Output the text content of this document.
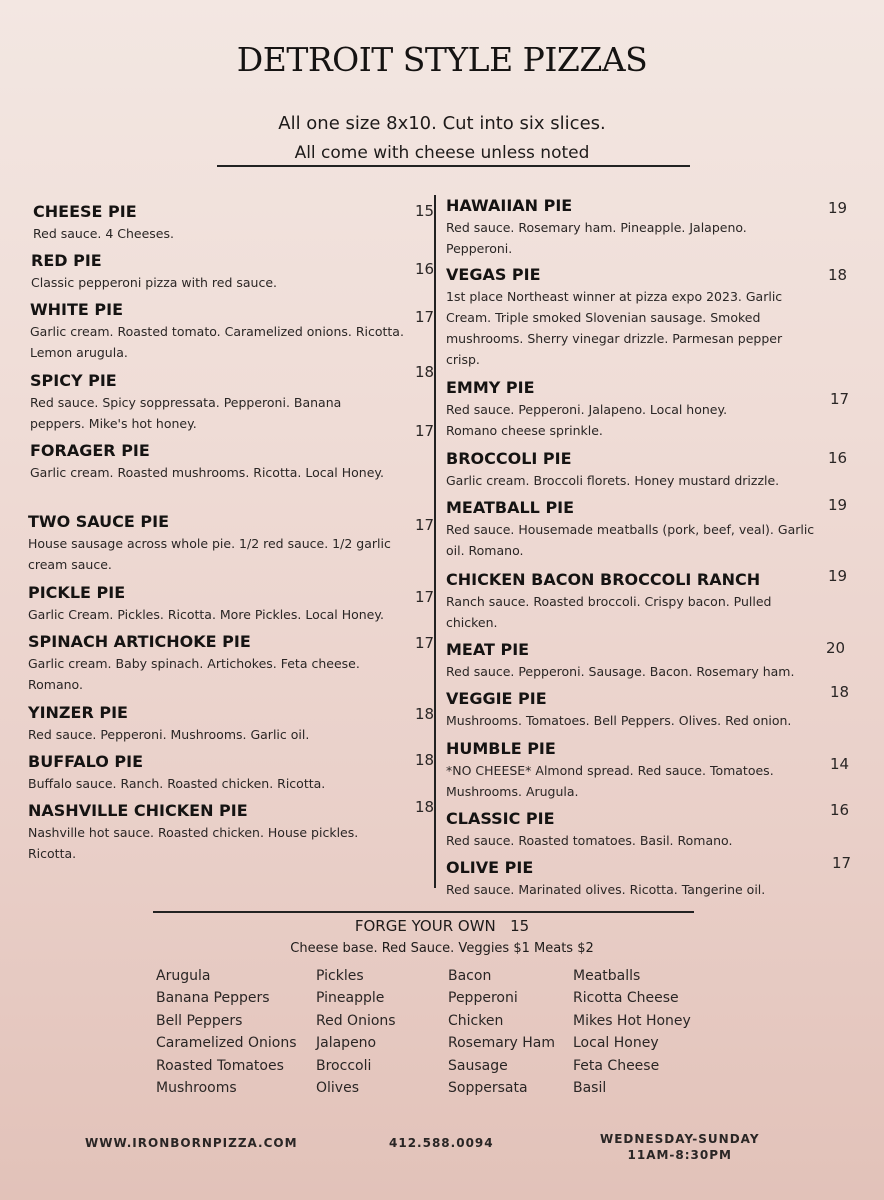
DETROIT STYLE PIZZAS
All one size 8x10. Cut into six slices.
All come with cheese unless noted
CHEESE PIE
Red sauce. 4 Cheeses.
15
RED PIE
Classic pepperoni pizza with red sauce.
16
WHITE PIE
Garlic cream. Roasted tomato. Caramelized onions. Ricotta. Lemon arugula.
17
SPICY PIE
Red sauce. Spicy soppressata. Pepperoni. Banana peppers. Mike's hot honey.
18
FORAGER PIE
Garlic cream. Roasted mushrooms. Ricotta. Local Honey.
17
TWO SAUCE PIE
House sausage across whole pie. 1/2 red sauce. 1/2 garlic cream sauce.
17
PICKLE PIE
Garlic Cream. Pickles. Ricotta. More Pickles. Local Honey.
17
SPINACH ARTICHOKE PIE
Garlic cream. Baby spinach. Artichokes. Feta cheese. Romano.
17
YINZER PIE
Red sauce. Pepperoni. Mushrooms. Garlic oil.
18
BUFFALO PIE
Buffalo sauce. Ranch. Roasted chicken. Ricotta.
18
NASHVILLE CHICKEN PIE
Nashville hot sauce. Roasted chicken. House pickles. Ricotta.
18
HAWAIIAN PIE
Red sauce. Rosemary ham. Pineapple. Jalapeno. Pepperoni.
19
VEGAS PIE
1st place Northeast winner at pizza expo 2023. Garlic Cream. Triple smoked Slovenian sausage. Smoked mushrooms. Sherry vinegar drizzle. Parmesan pepper crisp.
18
EMMY PIE
Red sauce. Pepperoni. Jalapeno. Local honey. Romano cheese sprinkle.
17
BROCCOLI PIE
Garlic cream. Broccoli florets. Honey mustard drizzle.
16
MEATBALL PIE
Red sauce. Housemade meatballs (pork, beef, veal). Garlic oil. Romano.
19
CHICKEN BACON BROCCOLI RANCH
Ranch sauce. Roasted broccoli. Crispy bacon. Pulled chicken.
19
MEAT PIE
Red sauce. Pepperoni. Sausage. Bacon. Rosemary ham.
20
VEGGIE PIE
Mushrooms. Tomatoes. Bell Peppers. Olives. Red onion.
18
HUMBLE PIE
*NO CHEESE* Almond spread. Red sauce. Tomatoes. Mushrooms. Arugula.
14
CLASSIC PIE
Red sauce. Roasted tomatoes. Basil. Romano.
16
OLIVE PIE
Red sauce. Marinated olives. Ricotta. Tangerine oil.
17
FORGE YOUR OWN 15
Cheese base. Red Sauce. Veggies $1 Meats $2
Arugula
Banana Peppers
Bell Peppers
Caramelized Onions
Roasted Tomatoes
Mushrooms
Pickles
Pineapple
Red Onions
Jalapeno
Broccoli
Olives
Bacon
Pepperoni
Chicken
Rosemary Ham
Sausage
Soppersata
Meatballs
Ricotta Cheese
Mikes Hot Honey
Local Honey
Feta Cheese
Basil
WWW.IRONBORNPIZZA.COM	412.588.0094	WEDNESDAY-SUNDAY
11AM-8:30PM
